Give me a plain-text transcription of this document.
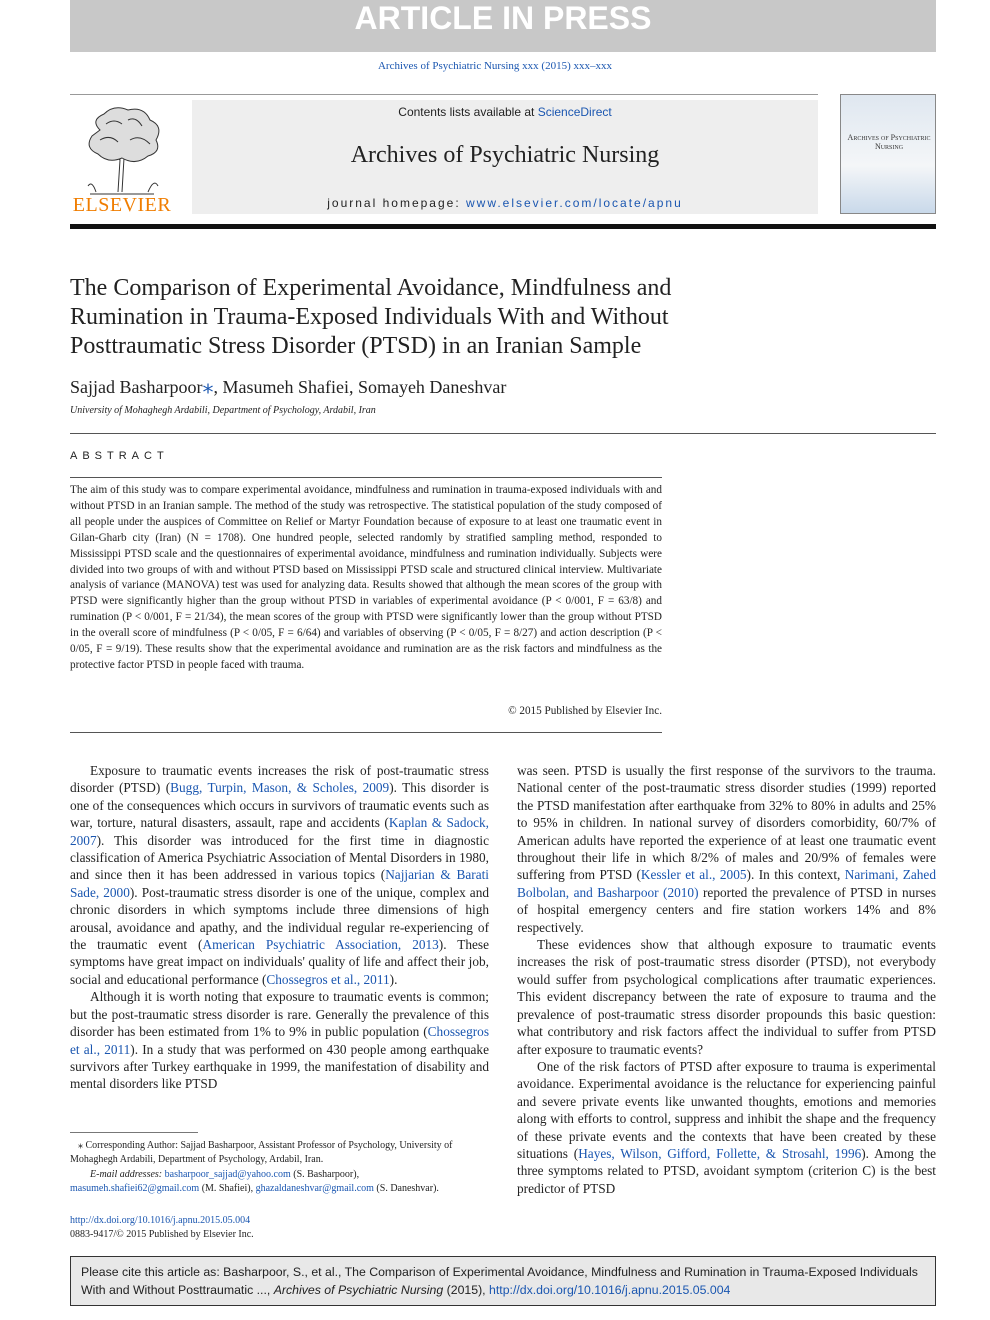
ARTICLE IN PRESS
Archives of Psychiatric Nursing xxx (2015) xxx–xxx
ELSEVIER
Contents lists available at ScienceDirect
Archives of Psychiatric Nursing
journal homepage: www.elsevier.com/locate/apnu
Archives of Psychiatric Nursing
The Comparison of Experimental Avoidance, Mindfulness and Rumination in Trauma-Exposed Individuals With and Without Posttraumatic Stress Disorder (PTSD) in an Iranian Sample
Sajjad Basharpoor⁎, Masumeh Shafiei, Somayeh Daneshvar
University of Mohaghegh Ardabili, Department of Psychology, Ardabil, Iran
ABSTRACT
The aim of this study was to compare experimental avoidance, mindfulness and rumination in trauma-exposed individuals with and without PTSD in an Iranian sample. The method of the study was retrospective. The statistical population of the study composed of all people under the auspices of Committee on Relief or Martyr Foundation because of exposure to at least one traumatic event in Gilan-Gharb city (Iran) (N = 1708). One hundred people, selected randomly by stratified sampling method, responded to Mississippi PTSD scale and the questionnaires of experimental avoidance, mindfulness and rumination individually. Subjects were divided into two groups of with and without PTSD based on Mississippi PTSD scale and structured clinical interview. Multivariate analysis of variance (MANOVA) test was used for analyzing data. Results showed that although the mean scores of the group with PTSD were significantly higher than the group without PTSD in variables of experimental avoidance (P < 0/001, F = 63/8) and rumination (P < 0/001, F = 21/34), the mean scores of the group with PTSD were significantly lower than the group without PTSD in the overall score of mindfulness (P < 0/05, F = 6/64) and variables of observing (P < 0/05, F = 8/27) and action description (P < 0/05, F = 9/19). These results show that the experimental avoidance and rumination are as the risk factors and mindfulness as the protective factor PTSD in people faced with trauma.
© 2015 Published by Elsevier Inc.

Exposure to traumatic events increases the risk of post-traumatic stress disorder (PTSD) (Bugg, Turpin, Mason, & Scholes, 2009). This disorder is one of the consequences which occurs in survivors of traumatic events such as war, torture, natural disasters, assault, rape and accidents (Kaplan & Sadock, 2007). This disorder was introduced for the first time in diagnostic classification of America Psychiatric Association of Mental Disorders in 1980, and since then it has been addressed in various topics (Najjarian & Barati Sade, 2000). Post-traumatic stress disorder is one of the unique, complex and chronic disorders in which symptoms include three dimensions of high arousal, avoidance and apathy, and the individual regular re-experiencing of the traumatic event (American Psychiatric Association, 2013). These symptoms have great impact on individuals' quality of life and affect their job, social and educational performance (Chossegros et al., 2011).

Although it is worth noting that exposure to traumatic events is common; but the post-traumatic stress disorder is rare. Generally the prevalence of this disorder has been estimated from 1% to 9% in public population (Chossegros et al., 2011). In a study that was performed on 430 people among earthquake survivors after Turkey earthquake in 1999, the manifestation of disability and mental disorders like PTSD

was seen. PTSD is usually the first response of the survivors to the trauma. National center of the post-traumatic stress disorder studies (1999) reported the PTSD manifestation after earthquake from 32% to 80% in adults and 25% to 95% in children. In national survey of disorders comorbidity, 60/7% of American adults have reported the experience of at least one traumatic event throughout their life in which 8/2% of males and 20/9% of females were suffering from PTSD (Kessler et al., 2005). In this context, Narimani, Zahed Bolbolan, and Basharpoor (2010) reported the prevalence of PTSD in nurses of hospital emergency centers and fire station workers 14% and 8% respectively.

These evidences show that although exposure to traumatic events increases the risk of post-traumatic stress disorder (PTSD), not everybody would suffer from psychological complications after traumatic experiences. This evident discrepancy between the rate of exposure to trauma and the prevalence of post-traumatic stress disorder propounds this basic question: what contributory and risk factors affect the individual to suffer from PTSD after exposure to traumatic events?

One of the risk factors of PTSD after exposure to trauma is experimental avoidance. Experimental avoidance is the reluctance for experiencing painful and severe private events like unwanted thoughts, emotions and memories along with efforts to control, suppress and inhibit the shape and the frequency of these private events and the contexts that have been created by these situations (Hayes, Wilson, Gifford, Follette, & Strosahl, 1996). Among the three symptoms related to PTSD, avoidant symptom (criterion C) is the best predictor of PTSD

⁎ Corresponding Author: Sajjad Basharpoor, Assistant Professor of Psychology, University of Mohaghegh Ardabili, Department of Psychology, Ardabil, Iran.
E-mail addresses: basharpoor_sajjad@yahoo.com (S. Basharpoor), masumeh.shafiei62@gmail.com (M. Shafiei), ghazaldaneshvar@gmail.com (S. Daneshvar).
http://dx.doi.org/10.1016/j.apnu.2015.05.004
0883-9417/© 2015 Published by Elsevier Inc.
Please cite this article as: Basharpoor, S., et al., The Comparison of Experimental Avoidance, Mindfulness and Rumination in Trauma-Exposed Individuals With and Without Posttraumatic ..., Archives of Psychiatric Nursing (2015), http://dx.doi.org/10.1016/j.apnu.2015.05.004
